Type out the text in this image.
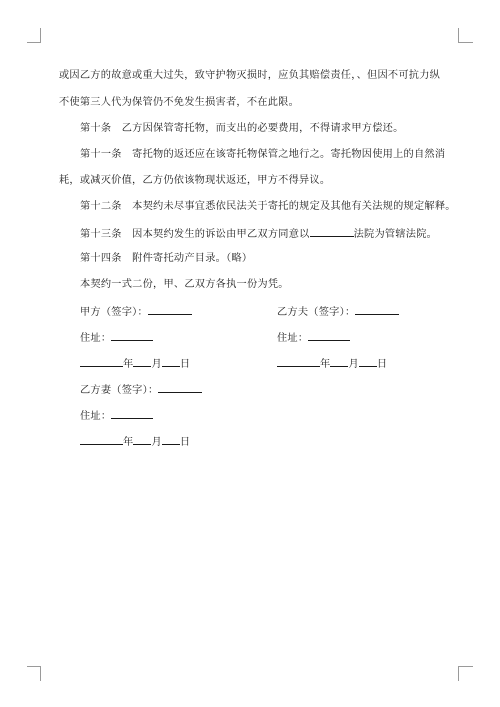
或因乙方的故意或重大过失，致守护物灭损时，应负其赔偿责任，、但因不可抗力纵
不使第三人代为保管仍不免发生损害者，不在此限。
第十条　乙方因保管寄托物，而支出的必要费用，不得请求甲方偿还。
第十一条　寄托物的返还应在该寄托物保管之地行之。寄托物因使用上的自然消
耗，或减灭价值，乙方仍依该物现状返还，甲方不得异议。
第十二条　本契约未尽事宜悉依民法关于寄托的规定及其他有关法规的规定解释。
第十三条　因本契约发生的诉讼由甲乙双方同意以	法院为管辖法院。
第十四条　附件寄托动产目录。（略）
本契约一式二份，甲、乙双方各执一份为凭。
甲方（签字）：	乙方夫（签字）：
住址：	住址：
年 月 日	年 月 日
乙方妻（签字）：
住址：
年 月 日
